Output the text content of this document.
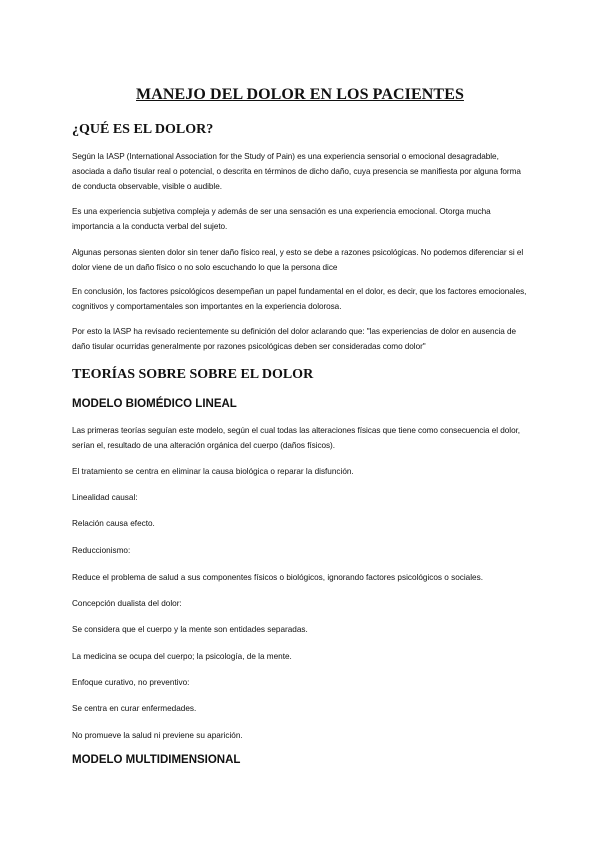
MANEJO DEL DOLOR EN LOS PACIENTES
¿QUÉ ES EL DOLOR?
Según la IASP (International Association for the Study of Pain) es una experiencia sensorial o emocional desagradable, asociada a daño tisular real o potencial, o descrita en términos de dicho daño, cuya presencia se manifiesta por alguna forma de conducta observable, visible o audible.
Es una experiencia subjetiva compleja y además de ser una sensación es una experiencia emocional. Otorga mucha importancia a la conducta verbal del sujeto.
Algunas personas sienten dolor sin tener daño físico real, y esto se debe a razones psicológicas. No podemos diferenciar si el dolor viene de un daño físico o no solo escuchando lo que la persona dice
En conclusión, los factores psicológicos desempeñan un papel fundamental en el dolor, es decir, que los factores emocionales, cognitivos y comportamentales son importantes en la experiencia dolorosa.
Por esto la IASP ha revisado recientemente su definición del dolor aclarando que: "las experiencias de dolor en ausencia de daño tisular ocurridas generalmente por razones psicológicas deben ser consideradas como dolor"
TEORÍAS SOBRE SOBRE EL DOLOR
MODELO BIOMÉDICO LINEAL
Las primeras teorías seguían este modelo, según el cual todas las alteraciones físicas que tiene como consecuencia el dolor, serían el, resultado de una alteración orgánica del cuerpo (daños físicos).
El tratamiento se centra en eliminar la causa biológica o reparar la disfunción.
Linealidad causal:
Relación causa efecto.
Reduccionismo:
Reduce el problema de salud a sus componentes físicos o biológicos, ignorando factores psicológicos o sociales.
Concepción dualista del dolor:
Se considera que el cuerpo y la mente son entidades separadas.
La medicina se ocupa del cuerpo; la psicología, de la mente.
Enfoque curativo, no preventivo:
Se centra en curar enfermedades.
No promueve la salud ni previene su aparición.
MODELO MULTIDIMENSIONAL
